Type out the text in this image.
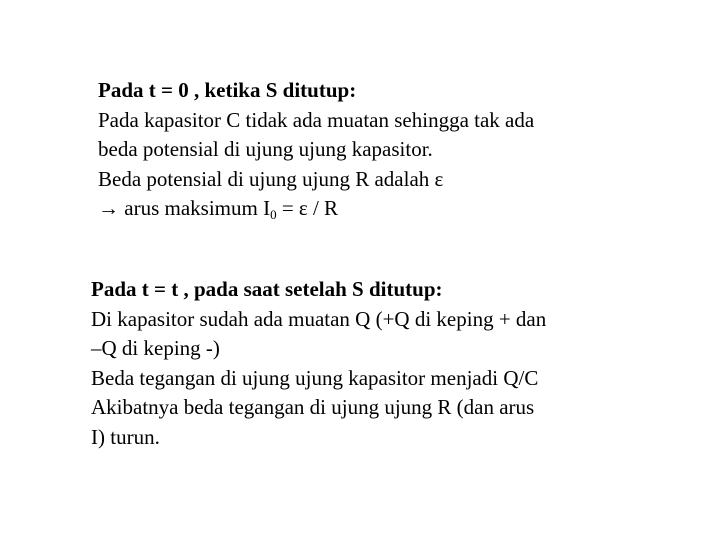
Pada t = 0 , ketika S ditutup:
Pada kapasitor C tidak ada muatan sehingga tak ada
beda potensial di ujung ujung kapasitor.
Beda potensial di ujung ujung R adalah ε
→ arus maksimum $I_0 = \varepsilon / R$
Pada t = t , pada saat setelah S ditutup:
Di kapasitor sudah ada muatan Q (+Q di keping + dan
–Q di keping -)
Beda tegangan di ujung ujung kapasitor menjadi Q/C
Akibatnya beda tegangan di ujung ujung R (dan arus
I) turun.
